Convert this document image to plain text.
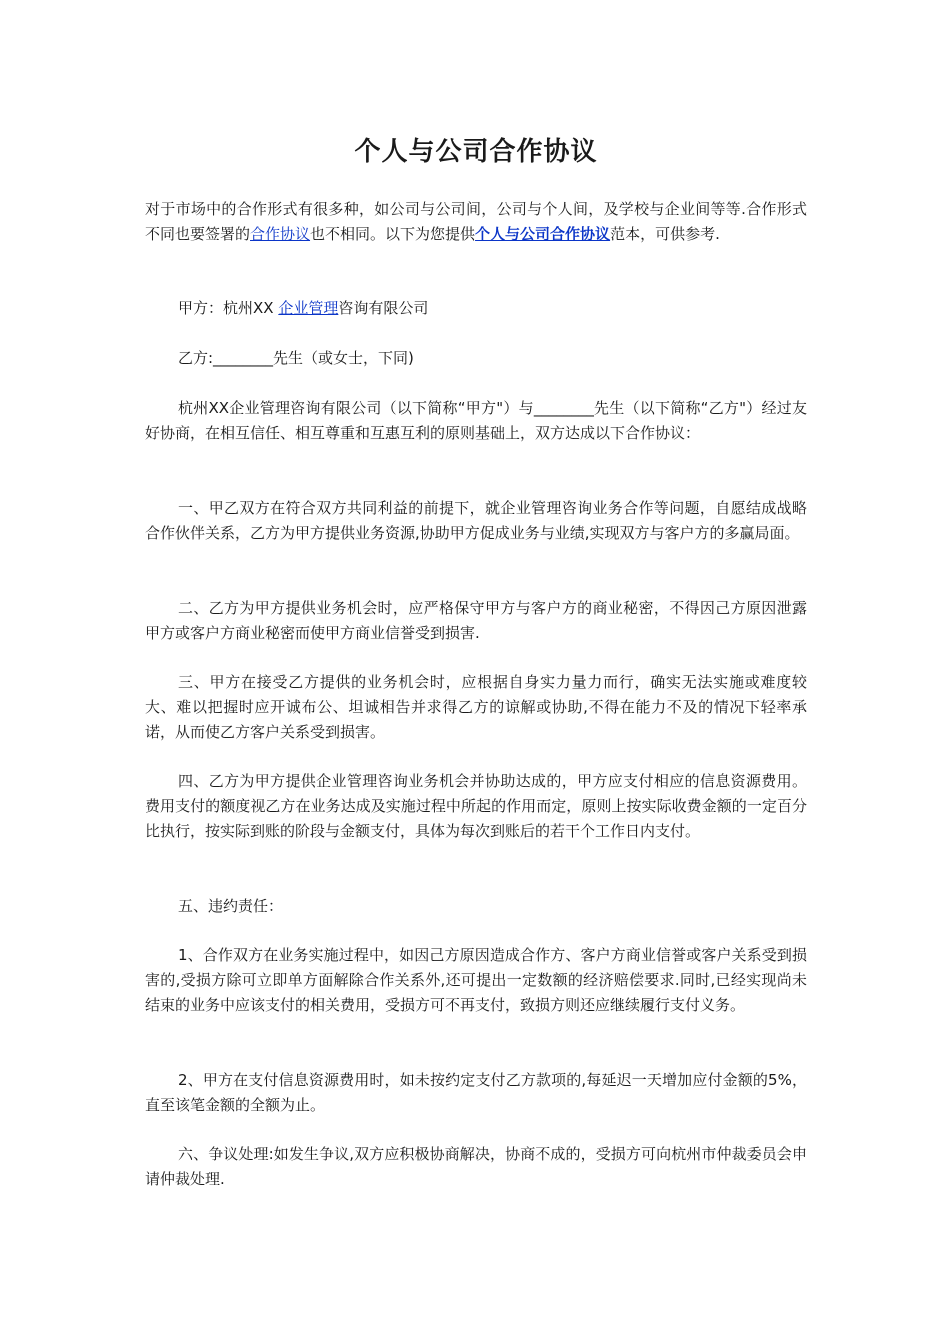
个人与公司合作协议

对于市场中的合作形式有很多种，如公司与公司间，公司与个人间，及学校与企业间等等.合作形式不同也要签署的合作协议也不相同。以下为您提供个人与公司合作协议范本，可供参考.

甲方：杭州XX 企业管理咨询有限公司

乙方:________先生（或女士，下同)

杭州XX企业管理咨询有限公司（以下简称“甲方"）与________先生（以下简称“乙方"）经过友好协商，在相互信任、相互尊重和互惠互利的原则基础上，双方达成以下合作协议：

一、甲乙双方在符合双方共同利益的前提下，就企业管理咨询业务合作等问题，自愿结成战略合作伙伴关系，乙方为甲方提供业务资源,协助甲方促成业务与业绩,实现双方与客户方的多赢局面。

二、乙方为甲方提供业务机会时，应严格保守甲方与客户方的商业秘密，不得因己方原因泄露甲方或客户方商业秘密而使甲方商业信誉受到损害.

三、甲方在接受乙方提供的业务机会时，应根据自身实力量力而行，确实无法实施或难度较大、难以把握时应开诚布公、坦诚相告并求得乙方的谅解或协助,不得在能力不及的情况下轻率承诺，从而使乙方客户关系受到损害。

四、乙方为甲方提供企业管理咨询业务机会并协助达成的，甲方应支付相应的信息资源费用。费用支付的额度视乙方在业务达成及实施过程中所起的作用而定，原则上按实际收费金额的一定百分比执行，按实际到账的阶段与金额支付，具体为每次到账后的若干个工作日内支付。

五、违约责任：

1、合作双方在业务实施过程中，如因己方原因造成合作方、客户方商业信誉或客户关系受到损害的,受损方除可立即单方面解除合作关系外,还可提出一定数额的经济赔偿要求.同时,已经实现尚未结束的业务中应该支付的相关费用，受损方可不再支付，致损方则还应继续履行支付义务。

2、甲方在支付信息资源费用时，如未按约定支付乙方款项的,每延迟一天增加应付金额的5%，直至该笔金额的全额为止。

六、争议处理:如发生争议,双方应积极协商解决，协商不成的，受损方可向杭州市仲裁委员会申请仲裁处理.
